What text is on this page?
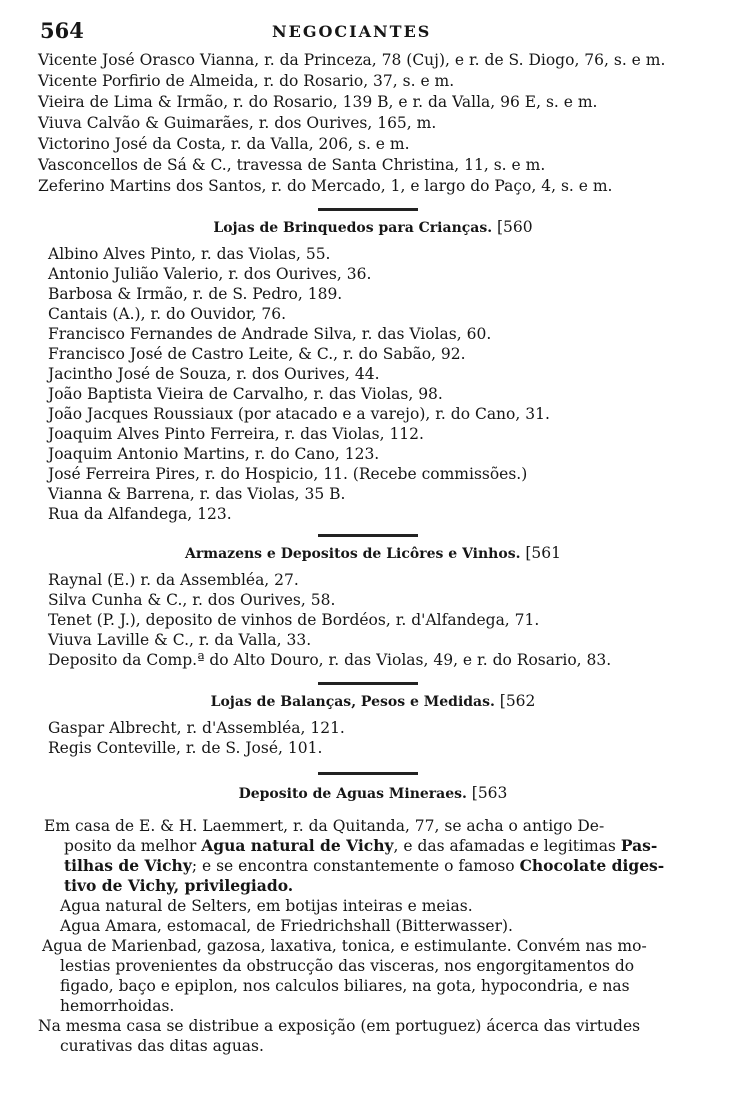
564	NEGOCIANTES
Vicente José Orasco Vianna, r. da Princeza, 78 (Cuj), e r. de S. Diogo, 76, s. e m.
Vicente Porfirio de Almeida, r. do Rosario, 37, s. e m.
Vieira de Lima & Irmão, r. do Rosario, 139 B, e r. da Valla, 96 E, s. e m.
Viuva Calvão & Guimarães, r. dos Ourives, 165, m.
Victorino José da Costa, r. da Valla, 206, s. e m.
Vasconcellos de Sá & C., travessa de Santa Christina, 11, s. e m.
Zeferino Martins dos Santos, r. do Mercado, 1, e largo do Paço, 4, s. e m.
Lojas de Brinquedos para Crianças. [560
Albino Alves Pinto, r. das Violas, 55.
Antonio Julião Valerio, r. dos Ourives, 36.
Barbosa & Irmão, r. de S. Pedro, 189.
Cantais (A.), r. do Ouvidor, 76.
Francisco Fernandes de Andrade Silva, r. das Violas, 60.
Francisco José de Castro Leite, & C., r. do Sabão, 92.
Jacintho José de Souza, r. dos Ourives, 44.
João Baptista Vieira de Carvalho, r. das Violas, 98.
João Jacques Roussiaux (por atacado e a varejo), r. do Cano, 31.
Joaquim Alves Pinto Ferreira, r. das Violas, 112.
Joaquim Antonio Martins, r. do Cano, 123.
José Ferreira Pires, r. do Hospicio, 11. (Recebe commissões.)
Vianna & Barrena, r. das Violas, 35 B.
Rua da Alfandega, 123.
Armazens e Depositos de Licôres e Vinhos. [561
Raynal (E.) r. da Assembléa, 27.
Silva Cunha & C., r. dos Ourives, 58.
Tenet (P. J.), deposito de vinhos de Bordéos, r. d'Alfandega, 71.
Viuva Laville & C., r. da Valla, 33.
Deposito da Comp.ª do Alto Douro, r. das Violas, 49, e r. do Rosario, 83.
Lojas de Balanças, Pesos e Medidas. [562
Gaspar Albrecht, r. d'Assembléa, 121.
Regis Conteville, r. de S. José, 101.
Deposito de Aguas Mineraes. [563
Em casa de E. & H. Laemmert, r. da Quitanda, 77, se acha o antigo De-
posito da melhor Agua natural de Vichy, e das afamadas e legitimas Pas-
tilhas de Vichy; e se encontra constantemente o famoso Chocolate diges-
tivo de Vichy, privilegiado.
Agua natural de Selters, em botijas inteiras e meias.
Agua Amara, estomacal, de Friedrichshall (Bitterwasser).
Agua de Marienbad, gazosa, laxativa, tonica, e estimulante. Convém nas mo-
lestias provenientes da obstrucção das visceras, nos engorgitamentos do
figado, baço e epiplon, nos calculos biliares, na gota, hypocondria, e nas
hemorrhoidas.
Na mesma casa se distribue a exposição (em portuguez) ácerca das virtudes
curativas das ditas aguas.
